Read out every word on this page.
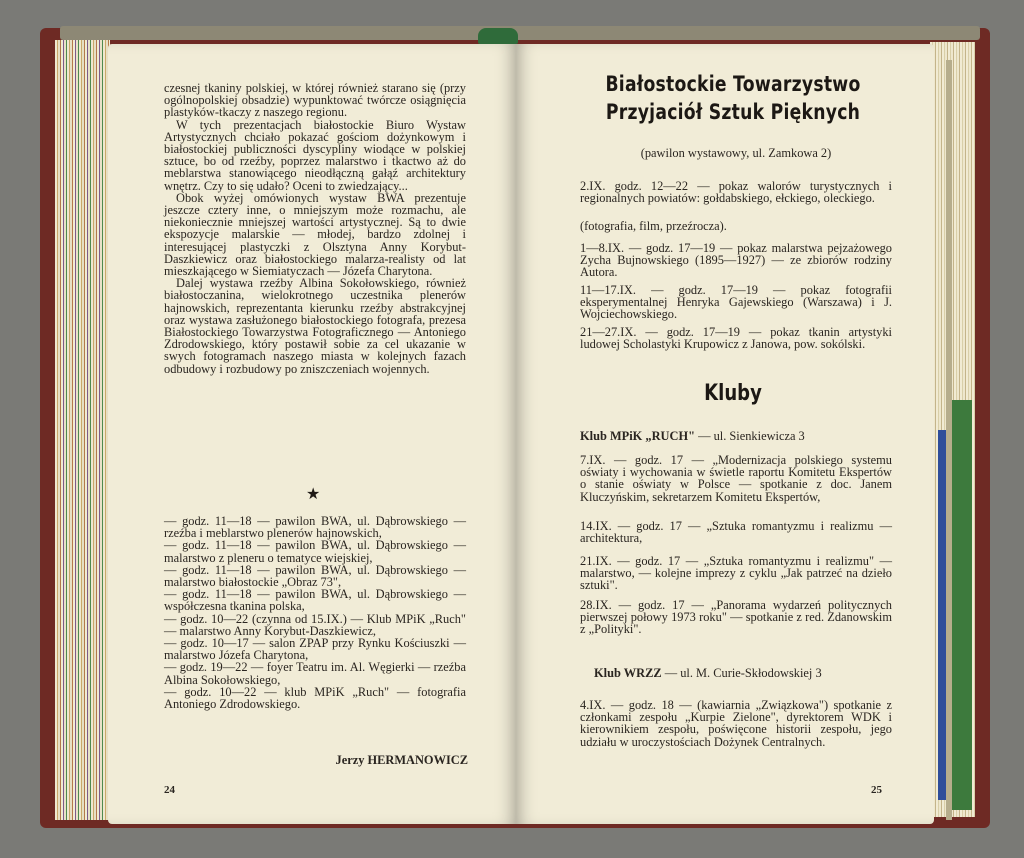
czesnej tkaniny polskiej, w której również starano się (przy ogólnopolskiej obsadzie) wypunktować twórcze osiągnięcia plastyków-tkaczy z naszego regionu.

W tych prezentacjach białostockie Biuro Wystaw Artystycznych chciało pokazać gościom dożynkowym i białostockiej publiczności dyscypliny wiodące w polskiej sztuce, bo od rzeźby, poprzez malarstwo i tkactwo aż do meblarstwa stanowiącego nieodłączną gałąź architektury wnętrz. Czy to się udało? Oceni to zwiedzający...

Obok wyżej omówionych wystaw BWA prezentuje jeszcze cztery inne, o mniejszym może rozmachu, ale niekoniecznie mniejszej wartości artystycznej. Są to dwie ekspozycje malarskie — młodej, bardzo zdolnej i interesującej plastyczki z Olsztyna Anny Korybut-Daszkiewicz oraz białostockiego malarza-realisty od lat mieszkającego w Siemiatyczach — Józefa Charytona.

Dalej wystawa rzeźby Albina Sokołowskiego, również białostoczanina, wielokrotnego uczestnika plenerów hajnowskich, reprezentanta kierunku rzeźby abstrakcyjnej oraz wystawa zasłużonego białostockiego fotografa, prezesa Białostockiego Towarzystwa Fotograficznego — Antoniego Zdrodowskiego, który postawił sobie za cel ukazanie w swych fotogramach naszego miasta w kolejnych fazach odbudowy i rozbudowy po zniszczeniach wojennych.

★
— godz. 11—18 — pawilon BWA, ul. Dąbrowskiego — rzeźba i meblarstwo plenerów hajnowskich,
— godz. 11—18 — pawilon BWA, ul. Dąbrowskiego — malarstwo z pleneru o tematyce wiejskiej,
— godz. 11—18 — pawilon BWA, ul. Dąbrowskiego — malarstwo białostockie „Obraz 73",
— godz. 11—18 — pawilon BWA, ul. Dąbrowskiego — współczesna tkanina polska,
— godz. 10—22 (czynna od 15.IX.) — Klub MPiK „Ruch" — malarstwo Anny Korybut-Daszkiewicz,
— godz. 10—17 — salon ZPAP przy Rynku Kościuszki — malarstwo Józefa Charytona,
— godz. 19—22 — foyer Teatru im. Al. Węgierki — rzeźba Albina Sokołowskiego,
— godz. 10—22 — klub MPiK „Ruch" — fotografia Antoniego Zdrodowskiego.
Jerzy HERMANOWICZ
24
Białostockie Towarzystwo
Przyjaciół Sztuk Pięknych
(pawilon wystawowy, ul. Zamkowa 2)
2.IX. godz. 12—22 — pokaz walorów turystycznych i regionalnych powiatów: gołdabskiego, ełckiego, oleckiego.
(fotografia, film, przeźrocza).
1—8.IX. — godz. 17—19 — pokaz malarstwa pejzażowego Zycha Bujnowskiego (1895—1927) — ze zbiorów rodziny Autora.
11—17.IX. — godz. 17—19 — pokaz fotografii eksperymentalnej Henryka Gajewskiego (Warszawa) i J. Wojciechowskiego.
21—27.IX. — godz. 17—19 — pokaz tkanin artystyki ludowej Scholastyki Krupowicz z Janowa, pow. sokólski.
Kluby
Klub MPiK „RUCH" — ul. Sienkiewicza 3
7.IX. — godz. 17 — „Modernizacja polskiego systemu oświaty i wychowania w świetle raportu Komitetu Ekspertów o stanie oświaty w Polsce — spotkanie z doc. Janem Kluczyńskim, sekretarzem Komitetu Ekspertów,
14.IX. — godz. 17 — „Sztuka romantyzmu i realizmu — architektura,
21.IX. — godz. 17 — „Sztuka romantyzmu i realizmu" — malarstwo, — kolejne imprezy z cyklu „Jak patrzeć na dzieło sztuki".
28.IX. — godz. 17 — „Panorama wydarzeń politycznych pierwszej połowy 1973 roku" — spotkanie z red. Zdanowskim z „Polityki".
Klub WRZZ — ul. M. Curie-Skłodowskiej 3
4.IX. — godz. 18 — (kawiarnia „Związkowa") spotkanie z członkami zespołu „Kurpie Zielone", dyrektorem WDK i kierownikiem zespołu, poświęcone historii zespołu, jego udziału w uroczystościach Dożynek Centralnych.
25
